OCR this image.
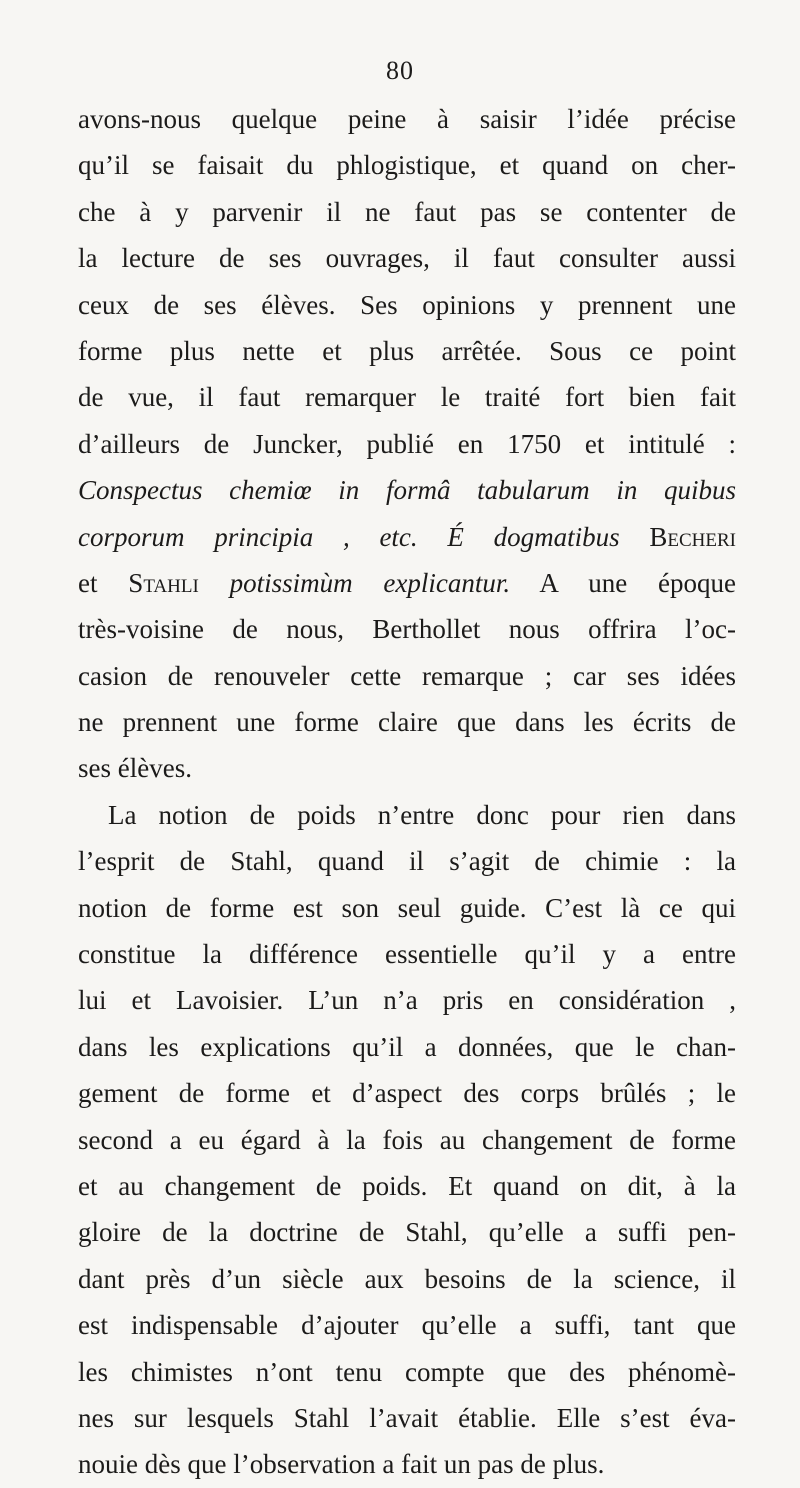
80
avons-nous quelque peine à saisir l’idée précise
qu’il se faisait du phlogistique, et quand on cher-
che à y parvenir il ne faut pas se contenter de
la lecture de ses ouvrages, il faut consulter aussi
ceux de ses élèves. Ses opinions y prennent une
forme plus nette et plus arrêtée. Sous ce point
de vue, il faut remarquer le traité fort bien fait
d’ailleurs de Juncker, publié en 1750 et intitulé :
Conspectus chemiœ in formâ tabularum in quibus
corporum principia , etc. É dogmatibus Becheri
et Stahli potissimùm explicantur. A une époque
très-voisine de nous, Berthollet nous offrira l’oc-
casion de renouveler cette remarque ; car ses idées
ne prennent une forme claire que dans les écrits de
ses élèves.
La notion de poids n’entre donc pour rien dans
l’esprit de Stahl, quand il s’agit de chimie : la
notion de forme est son seul guide. C’est là ce qui
constitue la différence essentielle qu’il y a entre
lui et Lavoisier. L’un n’a pris en considération ,
dans les explications qu’il a données, que le chan-
gement de forme et d’aspect des corps brûlés ; le
second a eu égard à la fois au changement de forme
et au changement de poids. Et quand on dit, à la
gloire de la doctrine de Stahl, qu’elle a suffi pen-
dant près d’un siècle aux besoins de la science, il
est indispensable d’ajouter qu’elle a suffi, tant que
les chimistes n’ont tenu compte que des phénomè-
nes sur lesquels Stahl l’avait établie. Elle s’est éva-
nouie dès que l’observation a fait un pas de plus.
